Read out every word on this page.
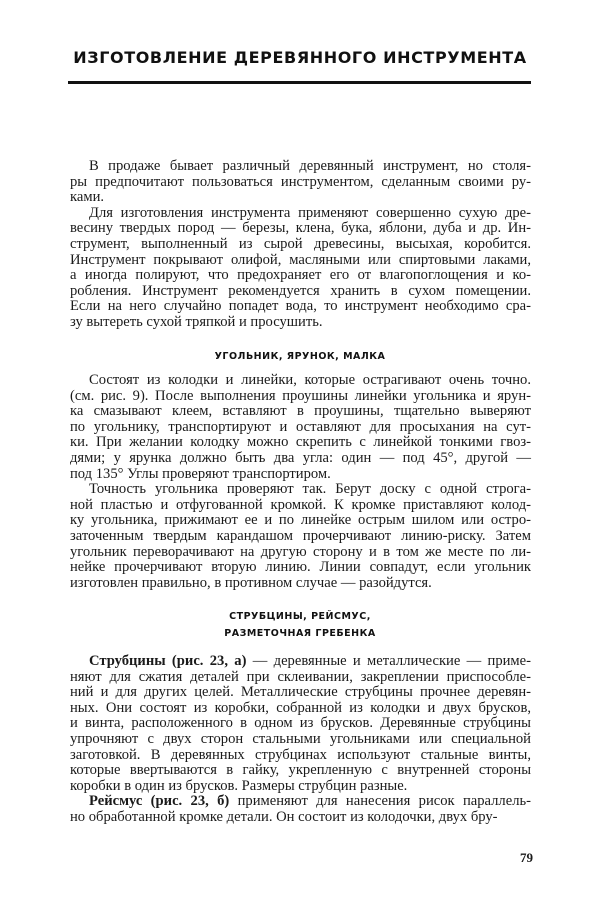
ИЗГОТОВЛЕНИЕ ДЕРЕВЯННОГО ИНСТРУМЕНТА
В продаже бывает различный деревянный инструмент, но столя-
ры предпочитают пользоваться инструментом, сделанным своими ру-
ками.
Для изготовления инструмента применяют совершенно сухую дре-
весину твердых пород — березы, клена, бука, яблони, дуба и др. Ин-
струмент, выполненный из сырой древесины, высыхая, коробится.
Инструмент покрывают олифой, масляными или спиртовыми лаками,
а иногда полируют, что предохраняет его от влагопоглощения и ко-
робления. Инструмент рекомендуется хранить в сухом помещении.
Если на него случайно попадет вода, то инструмент необходимо сра-
зу вытереть сухой тряпкой и просушить.
УГОЛЬНИК, ЯРУНОК, МАЛКА
Состоят из колодки и линейки, которые острагивают очень точно.
(см. рис. 9). После выполнения проушины линейки угольника и ярун-
ка смазывают клеем, вставляют в проушины, тщательно выверяют
по угольнику, транспортируют и оставляют для просыхания на сут-
ки. При желании колодку можно скрепить с линейкой тонкими гвоз-
дями; у ярунка должно быть два угла: один — под 45°, другой —
под 135° Углы проверяют транспортиром.
Точность угольника проверяют так. Берут доску с одной строга-
ной пластью и отфугованной кромкой. К кромке приставляют колод-
ку угольника, прижимают ее и по линейке острым шилом или остро-
заточенным твердым карандашом прочерчивают линию-риску. Затем
угольник переворачивают на другую сторону и в том же месте по ли-
нейке прочерчивают вторую линию. Линии совпадут, если угольник
изготовлен правильно, в противном случае — разойдутся.
СТРУБЦИНЫ, РЕЙСМУС,
РАЗМЕТОЧНАЯ ГРЕБЕНКА
Струбцины (рис. 23, а) — деревянные и металлические — приме-
няют для сжатия деталей при склеивании, закреплении приспособле-
ний и для других целей. Металлические струбцины прочнее деревян-
ных. Они состоят из коробки, собранной из колодки и двух брусков,
и винта, расположенного в одном из брусков. Деревянные струбцины
упрочняют с двух сторон стальными угольниками или специальной
заготовкой. В деревянных струбцинах используют стальные винты,
которые ввертываются в гайку, укрепленную с внутренней стороны
коробки в один из брусков. Размеры струбцин разные.
Рейсмус (рис. 23, б) применяют для нанесения рисок параллель-
но обработанной кромке детали. Он состоит из колодочки, двух бру-
79
